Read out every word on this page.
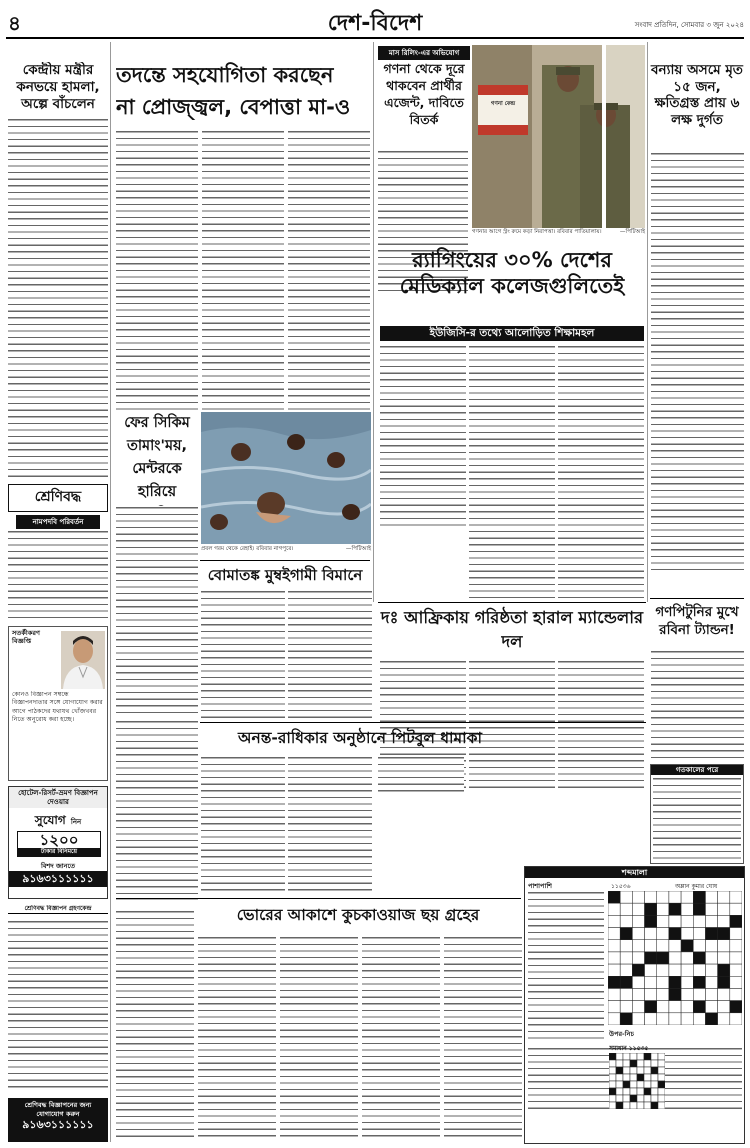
৪	দেশ-বিদেশ	সংবাদ প্রতিদিন, সোমবার ৩ জুন ২০২৪
কেন্দ্রীয় মন্ত্রীর কনভয়ে হামলা, অল্পে বাঁচলেন
শ্রেণিবদ্ধ
নামপদবি পরিবর্তন
সতর্কীকরণ বিজ্ঞপ্তি
কোনও বিজ্ঞাপন সম্বন্ধে বিজ্ঞাপনদাতার সঙ্গে যোগাযোগ করার আগে পাঠকদের যথাযথ খোঁজখবর নিতে অনুরোধ করা হচ্ছে।
হোটেল-রিসর্ট-ভ্রমণ বিজ্ঞাপন দেওয়ার
সুযোগ নিন
১২০০
টাকার বিনিময়ে
বিশদ জানতে
৯১৬৩১১১১১১
শ্রেণিবদ্ধ বিজ্ঞাপন গ্রহণকেন্দ্র
শ্রেণিবদ্ধ বিজ্ঞাপনের জন্য যোগাযোগ করুন
৯১৬৩১১১১১১
তদন্তে সহযোগিতা করছেন
না প্রোজ্জ্বল, বেপাত্তা মা-ও
মাস রিলিং-এর অভিযোগ
গণনা থেকে দূরে থাকবেন প্রার্থীর এজেন্ট, দাবিতে বিতর্ক
গণনা কেন্দ্র
গণনার আগে স্ট্রং রুমে কড়া নিরাপত্তা। রবিবার পাতিয়ালায়।	—পিটিআই
বন্যায় অসমে মৃত ১৫ জন, ক্ষতিগ্রস্ত প্রায় ৬ লক্ষ দুর্গত
র‍্যাগিংয়ের ৩০% দেশের মেডিক্যাল কলেজগুলিতেই
ইউজিসি-র তথ্যে আলোড়িত শিক্ষামহল
ফের সিকিম তামাং'ময়, মেন্টরকে হারিয়ে
প্রবল গরম থেকে রেহাই। রবিবার নাগপুরে।	—পিটিআই
বোমাতঙ্ক মুম্বইগামী বিমানে
গণপিটুনির মুখে রবিনা ট্যান্ডন!
দঃ আফ্রিকায় গরিষ্ঠতা হারাল ম্যান্ডেলার দল
গতকালের পরে
অনন্ত-রাধিকার অনুষ্ঠানে পিটবুল ধামাকা
ভোরের আকাশে কুচকাওয়াজ ছয় গ্রহের
শব্দমালা
১১৫৩৬	অম্লান কুমার ঘোষ
পাশাপাশি
উপর-নিচ
সমাধান ১১৫৩৫
